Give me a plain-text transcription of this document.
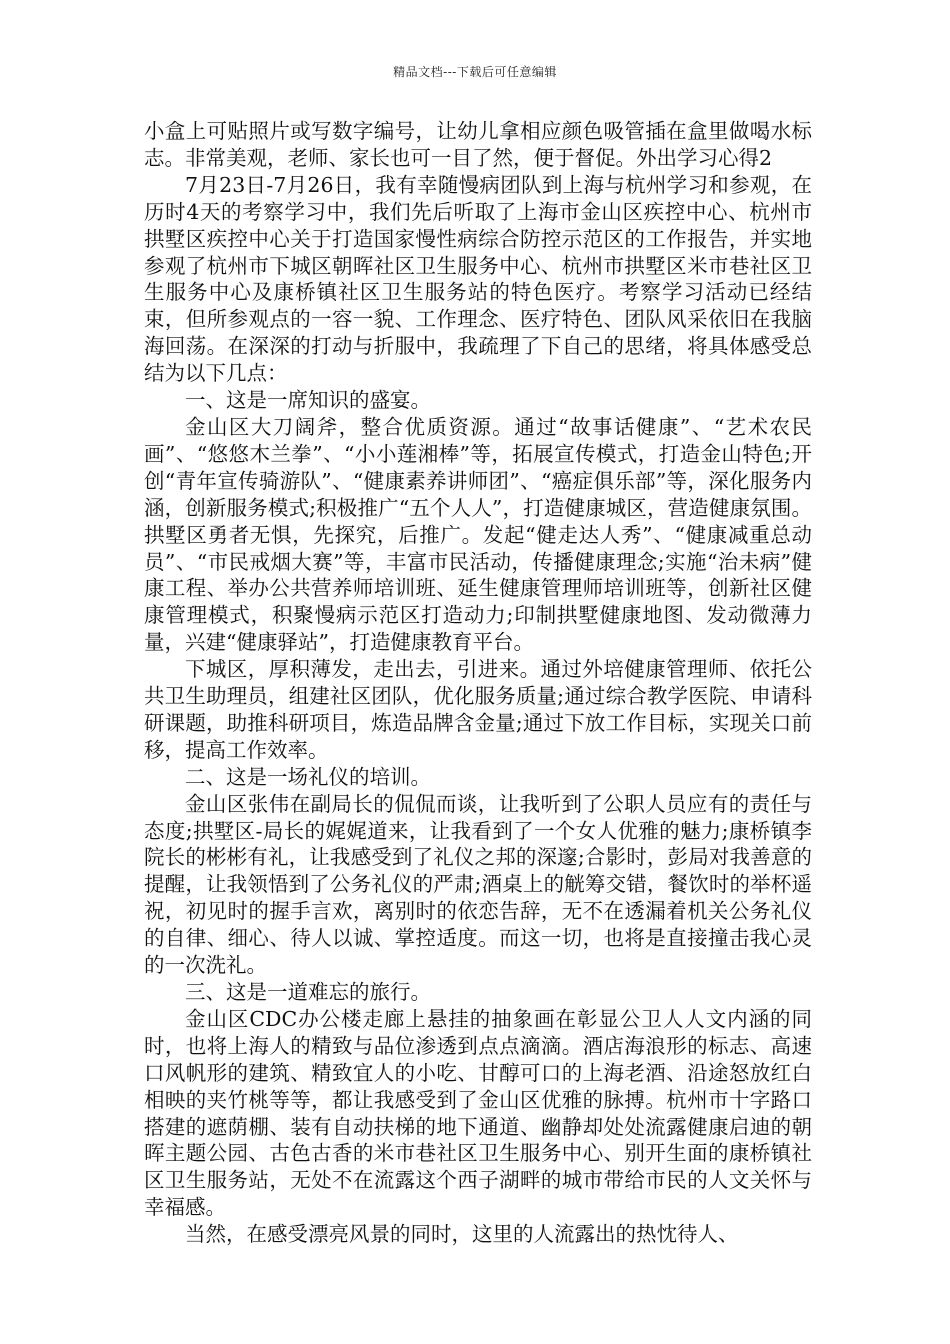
精品文档---下载后可任意编辑

小盒上可贴照片或写数字编号，让幼儿拿相应颜色吸管插在盒里做喝水标志。非常美观，老师、家长也可一目了然，便于督促。外出学习心得2

7月23日-7月26日，我有幸随慢病团队到上海与杭州学习和参观，在历时4天的考察学习中，我们先后听取了上海市金山区疾控中心、杭州市拱墅区疾控中心关于打造国家慢性病综合防控示范区的工作报告，并实地参观了杭州市下城区朝晖社区卫生服务中心、杭州市拱墅区米市巷社区卫生服务中心及康桥镇社区卫生服务站的特色医疗。考察学习活动已经结束，但所参观点的一容一貌、工作理念、医疗特色、团队风采依旧在我脑海回荡。在深深的打动与折服中，我疏理了下自己的思绪，将具体感受总结为以下几点：

一、这是一席知识的盛宴。

金山区大刀阔斧，整合优质资源。通过“故事话健康”、“艺术农民画”、“悠悠木兰拳”、“小小莲湘棒”等，拓展宣传模式，打造金山特色;开创“青年宣传骑游队”、“健康素养讲师团”、“癌症俱乐部”等，深化服务内涵，创新服务模式;积极推广“五个人人”，打造健康城区，营造健康氛围。拱墅区勇者无惧，先探究，后推广。发起“健走达人秀”、“健康减重总动员”、“市民戒烟大赛”等，丰富市民活动，传播健康理念;实施“治未病”健康工程、举办公共营养师培训班、延生健康管理师培训班等，创新社区健康管理模式，积聚慢病示范区打造动力;印制拱墅健康地图、发动微薄力量，兴建“健康驿站”，打造健康教育平台。

下城区，厚积薄发，走出去，引进来。通过外培健康管理师、依托公共卫生助理员，组建社区团队，优化服务质量;通过综合教学医院、申请科研课题，助推科研项目，炼造品牌含金量;通过下放工作目标，实现关口前移，提高工作效率。

二、这是一场礼仪的培训。

金山区张伟在副局长的侃侃而谈，让我听到了公职人员应有的责任与态度;拱墅区-局长的娓娓道来，让我看到了一个女人优雅的魅力;康桥镇李院长的彬彬有礼，让我感受到了礼仪之邦的深邃;合影时，彭局对我善意的提醒，让我领悟到了公务礼仪的严肃;酒桌上的觥筹交错，餐饮时的举杯遥祝，初见时的握手言欢，离别时的依恋告辞，无不在透漏着机关公务礼仪的自律、细心、待人以诚、掌控适度。而这一切，也将是直接撞击我心灵的一次洗礼。

三、这是一道难忘的旅行。

金山区CDC办公楼走廊上悬挂的抽象画在彰显公卫人人文内涵的同时，也将上海人的精致与品位渗透到点点滴滴。酒店海浪形的标志、高速口风帆形的建筑、精致宜人的小吃、甘醇可口的上海老酒、沿途怒放红白相映的夹竹桃等等，都让我感受到了金山区优雅的脉搏。杭州市十字路口搭建的遮荫棚、装有自动扶梯的地下通道、幽静却处处流露健康启迪的朝晖主题公园、古色古香的米市巷社区卫生服务中心、别开生面的康桥镇社区卫生服务站，无处不在流露这个西子湖畔的城市带给市民的人文关怀与幸福感。

当然，在感受漂亮风景的同时，这里的人流露出的热忱待人、
